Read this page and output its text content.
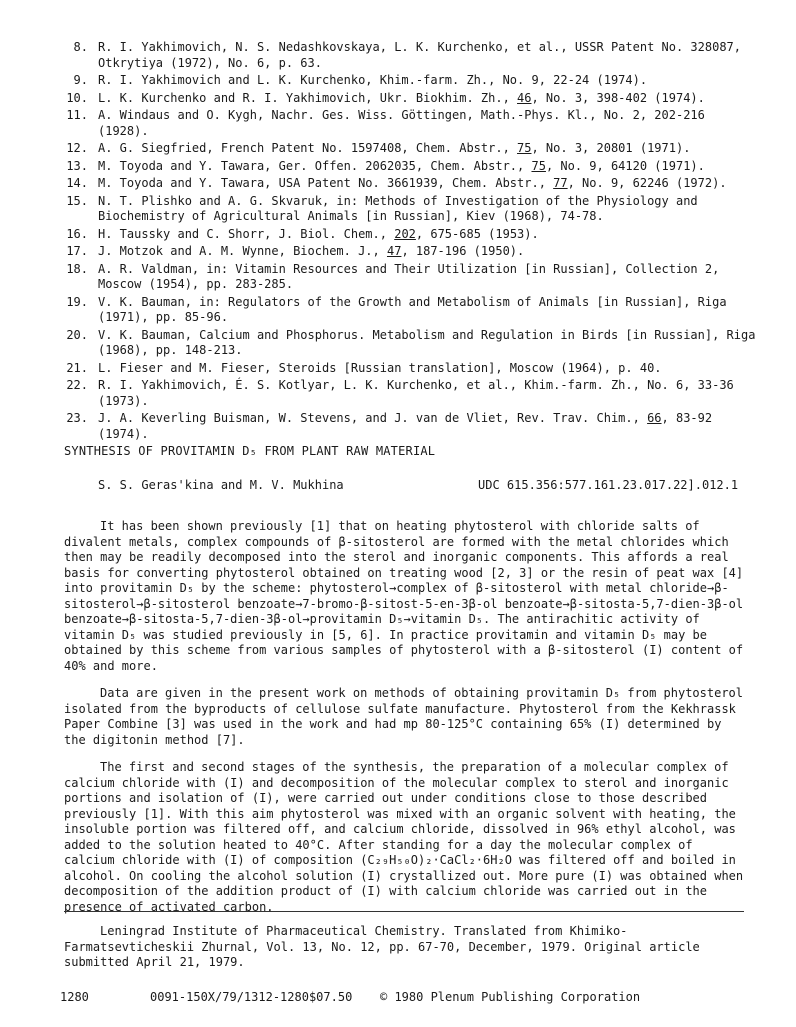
8. R. I. Yakhimovich, N. S. Nedashkovskaya, L. K. Kurchenko, et al., USSR Patent No. 328087, Otkrytiya (1972), No. 6, p. 63.
9. R. I. Yakhimovich and L. K. Kurchenko, Khim.-farm. Zh., No. 9, 22-24 (1974).
10. L. K. Kurchenko and R. I. Yakhimovich, Ukr. Biokhim. Zh., 46, No. 3, 398-402 (1974).
11. A. Windaus and O. Kygh, Nachr. Ges. Wiss. Göttingen, Math.-Phys. Kl., No. 2, 202-216 (1928).
12. A. G. Siegfried, French Patent No. 1597408, Chem. Abstr., 75, No. 3, 20801 (1971).
13. M. Toyoda and Y. Tawara, Ger. Offen. 2062035, Chem. Abstr., 75, No. 9, 64120 (1971).
14. M. Toyoda and Y. Tawara, USA Patent No. 3661939, Chem. Abstr., 77, No. 9, 62246 (1972).
15. N. T. Plishko and A. G. Skvaruk, in: Methods of Investigation of the Physiology and Biochemistry of Agricultural Animals [in Russian], Kiev (1968), 74-78.
16. H. Taussky and C. Shorr, J. Biol. Chem., 202, 675-685 (1953).
17. J. Motzok and A. M. Wynne, Biochem. J., 47, 187-196 (1950).
18. A. R. Valdman, in: Vitamin Resources and Their Utilization [in Russian], Collection 2, Moscow (1954), pp. 283-285.
19. V. K. Bauman, in: Regulators of the Growth and Metabolism of Animals [in Russian], Riga (1971), pp. 85-96.
20. V. K. Bauman, Calcium and Phosphorus. Metabolism and Regulation in Birds [in Russian], Riga (1968), pp. 148-213.
21. L. Fieser and M. Fieser, Steroids [Russian translation], Moscow (1964), p. 40.
22. R. I. Yakhimovich, É. S. Kotlyar, L. K. Kurchenko, et al., Khim.-farm. Zh., No. 6, 33-36 (1973).
23. J. A. Keverling Buisman, W. Stevens, and J. van de Vliet, Rev. Trav. Chim., 66, 83-92 (1974).
SYNTHESIS OF PROVITAMIN D₅ FROM PLANT RAW MATERIAL
S. S. Geras'kina and M. V. Mukhina	UDC 615.356:577.161.23.017.22].012.1

It has been shown previously [1] that on heating phytosterol with chloride salts of divalent metals, complex compounds of β-sitosterol are formed with the metal chlorides which then may be readily decomposed into the sterol and inorganic components. This affords a real basis for converting phytosterol obtained on treating wood [2, 3] or the resin of peat wax [4] into provitamin D₅ by the scheme: phytosterol→complex of β-sitosterol with metal chloride→β-sitosterol→β-sitosterol benzoate→7-bromo-β-sitost-5-en-3β-ol benzoate→β-sitosta-5,7-dien-3β-ol benzoate→β-sitosta-5,7-dien-3β-ol→provitamin D₅→vitamin D₅. The antirachitic activity of vitamin D₅ was studied previously in [5, 6]. In practice provitamin and vitamin D₅ may be obtained by this scheme from various samples of phytosterol with a β-sitosterol (I) content of 40% and more.

Data are given in the present work on methods of obtaining provitamin D₅ from phytosterol isolated from the byproducts of cellulose sulfate manufacture. Phytosterol from the Kekhrassk Paper Combine [3] was used in the work and had mp 80-125°C containing 65% (I) determined by the digitonin method [7].

The first and second stages of the synthesis, the preparation of a molecular complex of calcium chloride with (I) and decomposition of the molecular complex to sterol and inorganic portions and isolation of (I), were carried out under conditions close to those described previously [1]. With this aim phytosterol was mixed with an organic solvent with heating, the insoluble portion was filtered off, and calcium chloride, dissolved in 96% ethyl alcohol, was added to the solution heated to 40°C. After standing for a day the molecular complex of calcium chloride with (I) of composition (C₂₉H₅₀O)₂·CaCl₂·6H₂O was filtered off and boiled in alcohol. On cooling the alcohol solution (I) crystallized out. More pure (I) was obtained when decomposition of the addition product of (I) with calcium chloride was carried out in the presence of activated carbon.

Leningrad Institute of Pharmaceutical Chemistry. Translated from Khimiko-Farmatsevticheskii Zhurnal, Vol. 13, No. 12, pp. 67-70, December, 1979. Original article submitted April 21, 1979.
1280	0091-150X/79/1312-1280$07.50 © 1980 Plenum Publishing Corporation
